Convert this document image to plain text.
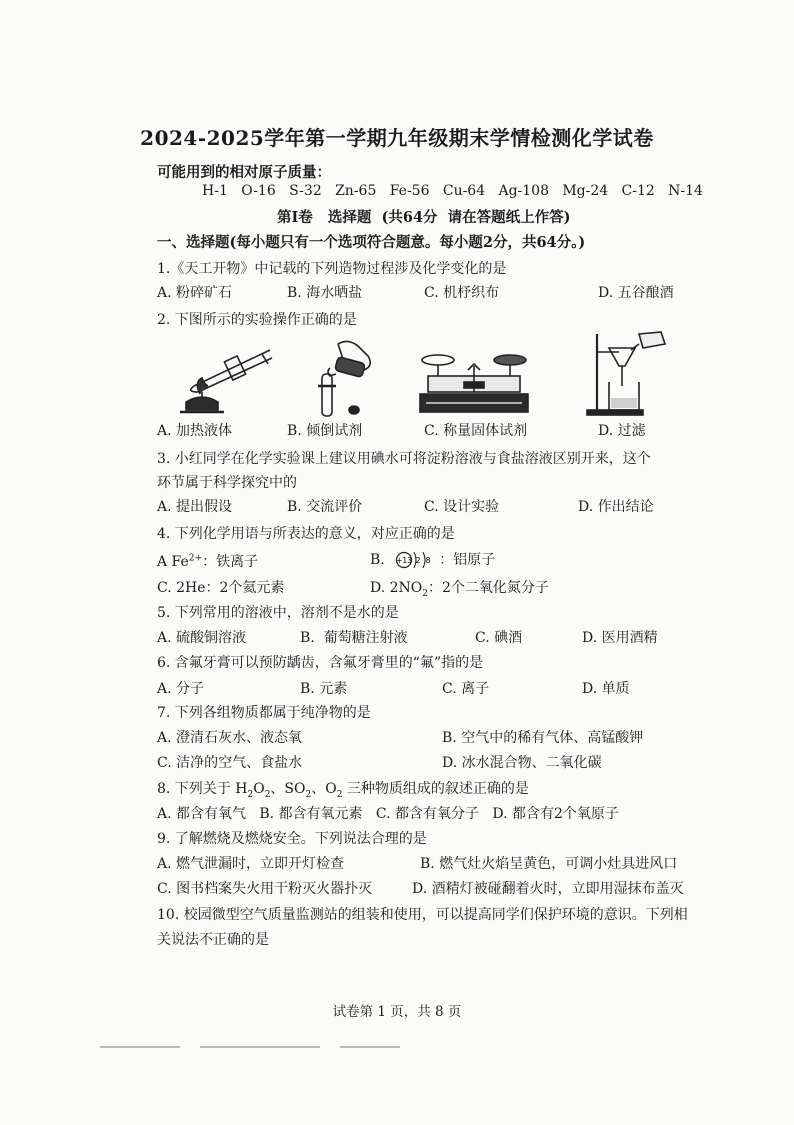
2024-2025学年第一学期九年级期末学情检测化学试卷
可能用到的相对原子质量：
H-1   O-16   S-32   Zn-65   Fe-56   Cu-64   Ag-108   Mg-24   C-12   N-14
第Ⅰ卷   选择题  (共64分  请在答题纸上作答)
一、选择题(每小题只有一个选项符合题意。每小题2分，共64分。)
1.《天工开物》中记载的下列造物过程涉及化学变化的是
A. 粉碎矿石	B. 海水晒盐	C. 机杼织布	D. 五谷酿酒
2. 下图所示的实验操作正确的是
A. 加热液体	B. 倾倒试剂	C. 称量固体试剂	D. 过滤
3. 小红同学在化学实验课上建议用碘水可将淀粉溶液与食盐溶液区别开来，这个
环节属于科学探究中的
A. 提出假设	B. 交流评价	C. 设计实验	D. 作出结论
4. 下列化学用语与所表达的意义，对应正确的是
A $Fe^{2+}$：铁离子	B. +13 2 8 ：铝原子
C. 2He：2个氦元素	D. $2NO_2$：2个二氧化氮分子
5. 下列常用的溶液中，溶剂不是水的是
A. 硫酸铜溶液	B.  葡萄糖注射液	C. 碘酒	D. 医用酒精
6. 含氟牙膏可以预防龋齿，含氟牙膏里的“氟”指的是
A. 分子	B. 元素	C. 离子	D. 单质
7. 下列各组物质都属于纯净物的是
A. 澄清石灰水、液态氧	B. 空气中的稀有气体、高锰酸钾
C. 洁净的空气、食盐水	D. 冰水混合物、二氧化碳
8. 下列关于 $H_2O_2$、$SO_2$、$O_2$ 三种物质组成的叙述正确的是
A. 都含有氧气   B. 都含有氧元素   C. 都含有氧分子   D. 都含有2个氧原子
9. 了解燃烧及燃烧安全。下列说法合理的是
A. 燃气泄漏时，立即开灯检查	B. 燃气灶火焰呈黄色，可调小灶具进风口
C. 图书档案失火用干粉灭火器扑灭	D. 酒精灯被碰翻着火时，立即用湿抹布盖灭
10. 校园微型空气质量监测站的组装和使用，可以提高同学们保护环境的意识。下列相
关说法不正确的是
试卷第 1 页，共 8 页
